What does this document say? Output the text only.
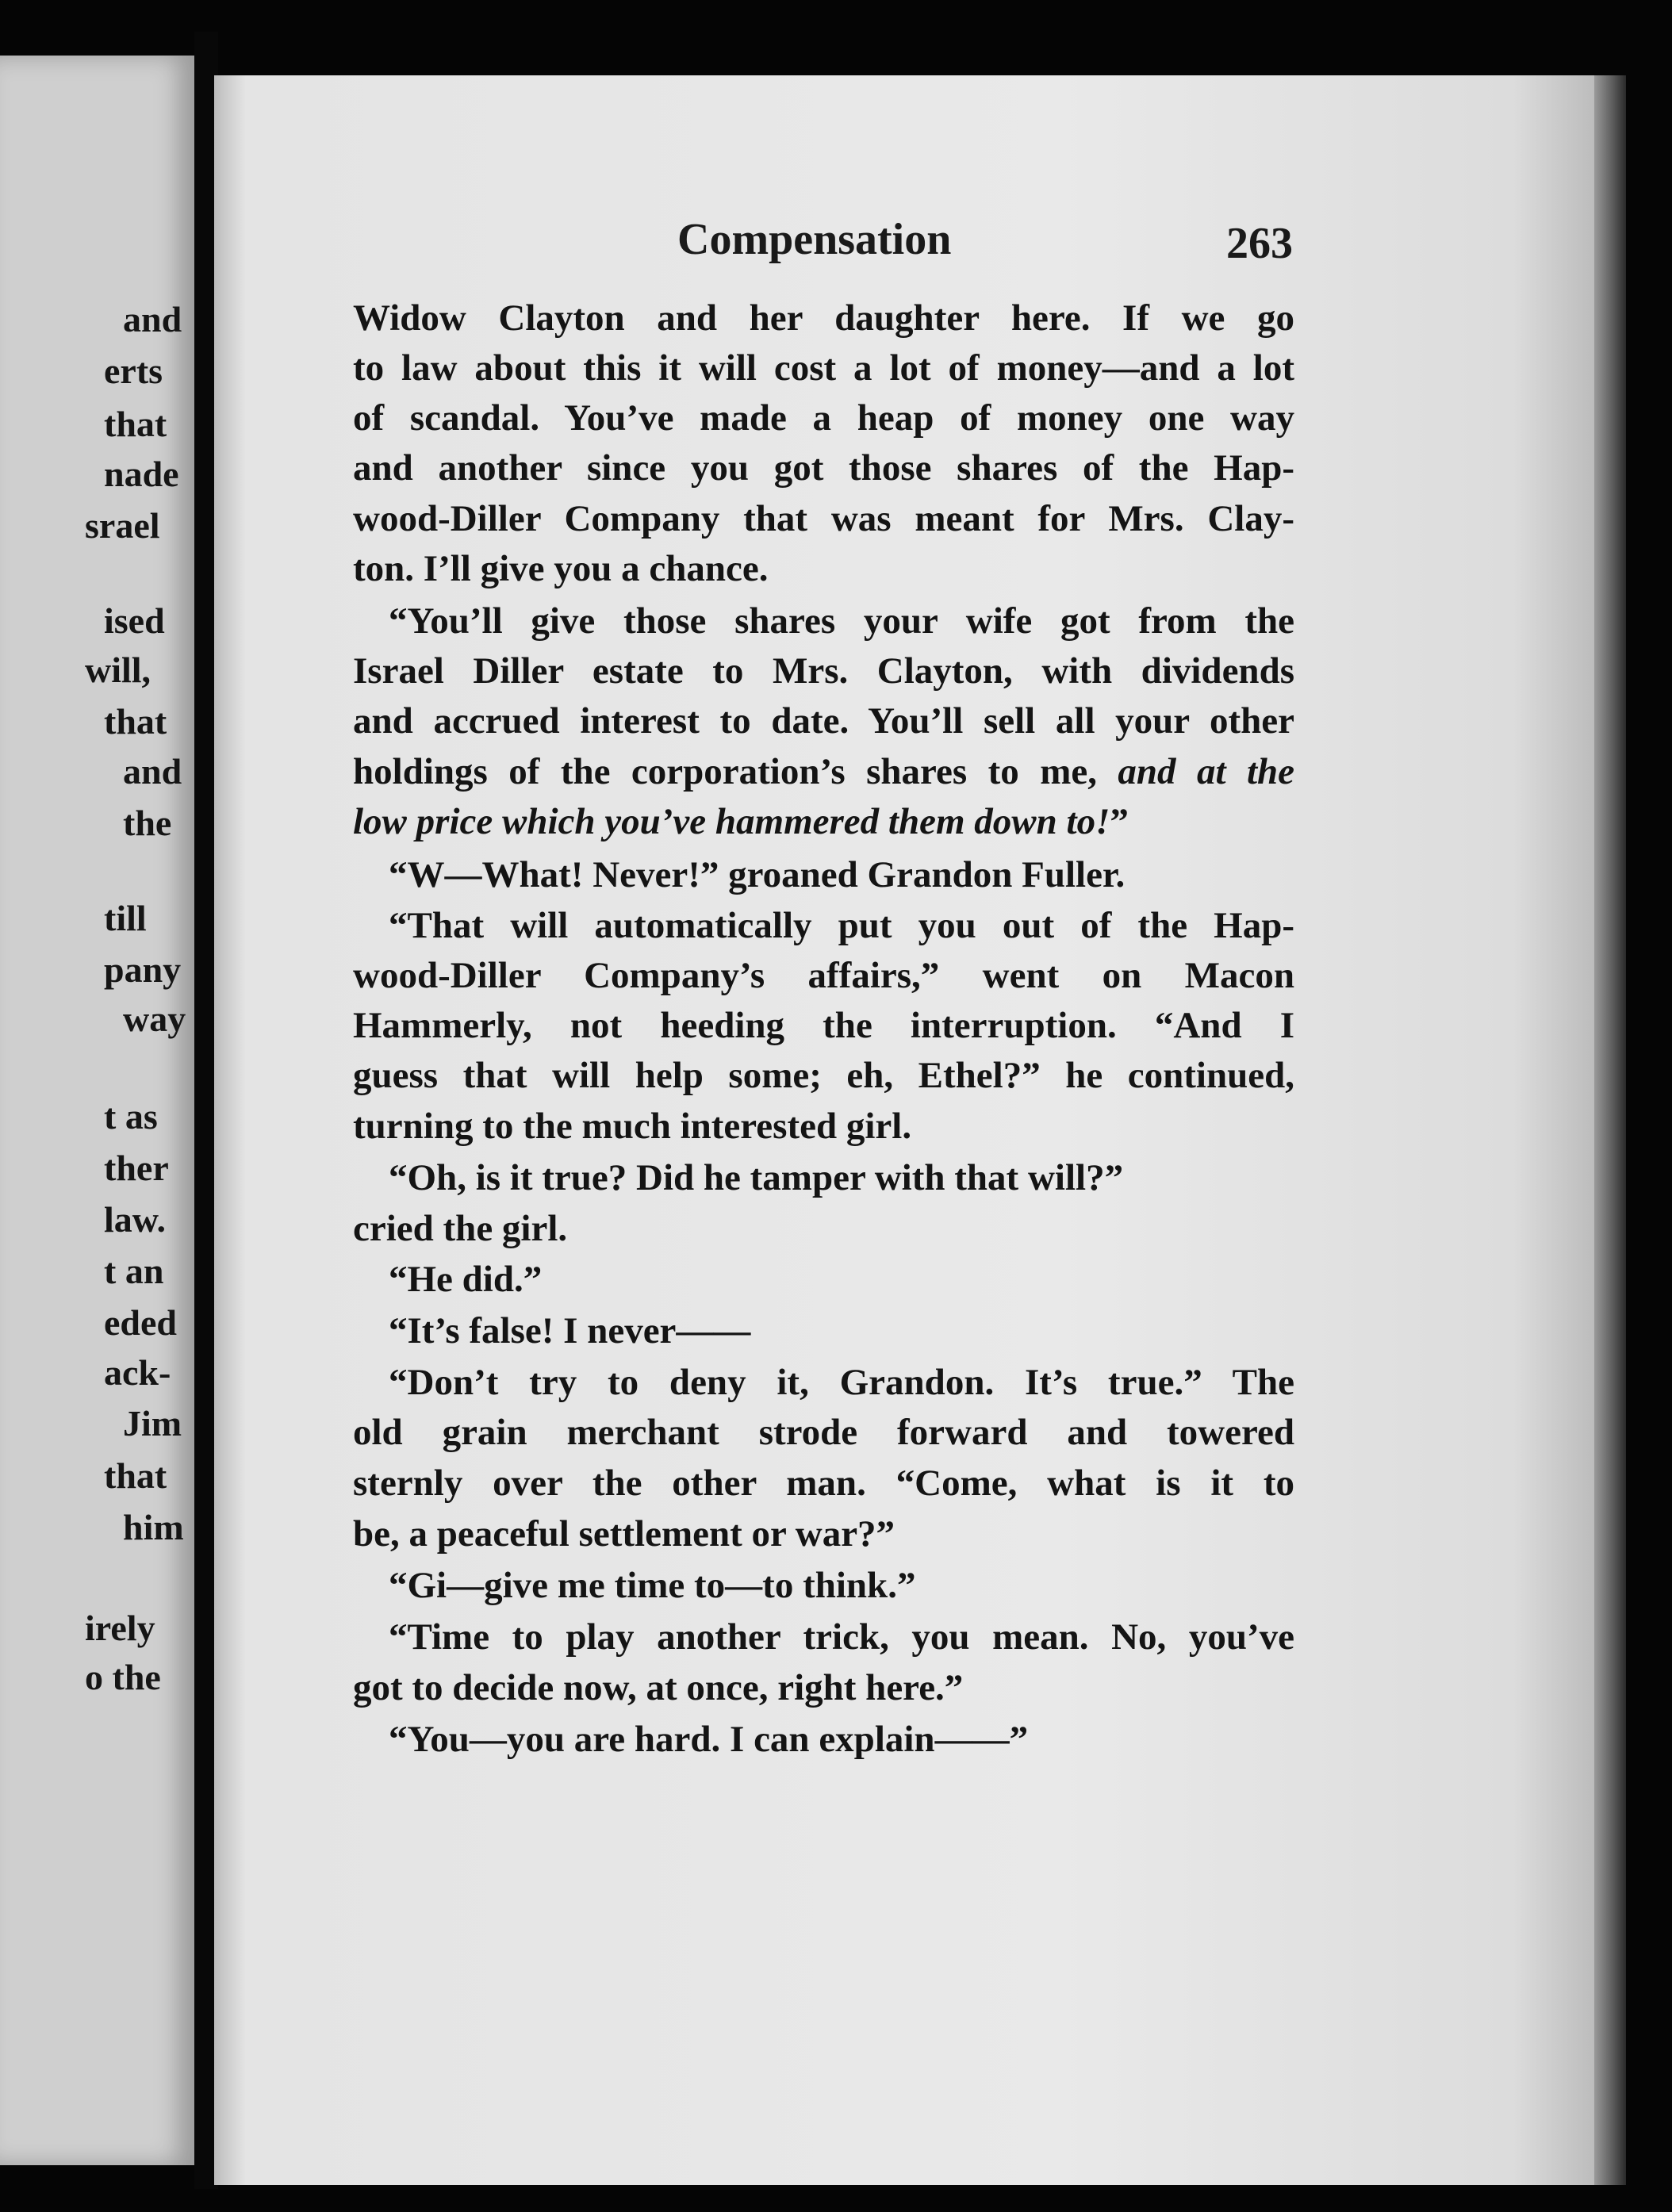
Compensation	263

and

erts

that

nade

srael

ised

will,

that

and

the

till

pany

way

t as

ther

law.

t an

eded

ack-

Jim

that

him

irely

o the

Widow Clayton and her daughter here. If we go

to law about this it will cost a lot of money—and a lot

of scandal. You’ve made a heap of money one way

and another since you got those shares of the Hap-

wood-Diller Company that was meant for Mrs. Clay-

ton. I’ll give you a chance.

“You’ll give those shares your wife got from the

Israel Diller estate to Mrs. Clayton, with dividends

and accrued interest to date. You’ll sell all your other

holdings of the corporation’s shares to me, and at the

low price which you’ve hammered them down to!”

“W—What! Never!” groaned Grandon Fuller.

“That will automatically put you out of the Hap-

wood-Diller Company’s affairs,” went on Macon

Hammerly, not heeding the interruption. “And I

guess that will help some; eh, Ethel?” he continued,

turning to the much interested girl.

“Oh, is it true? Did he tamper with that will?”

cried the girl.

“He did.”

“It’s false! I never——

“Don’t try to deny it, Grandon. It’s true.” The

old grain merchant strode forward and towered

sternly over the other man. “Come, what is it to

be, a peaceful settlement or war?”

“Gi—give me time to—to think.”

“Time to play another trick, you mean. No, you’ve

got to decide now, at once, right here.”

“You—you are hard. I can explain——”
